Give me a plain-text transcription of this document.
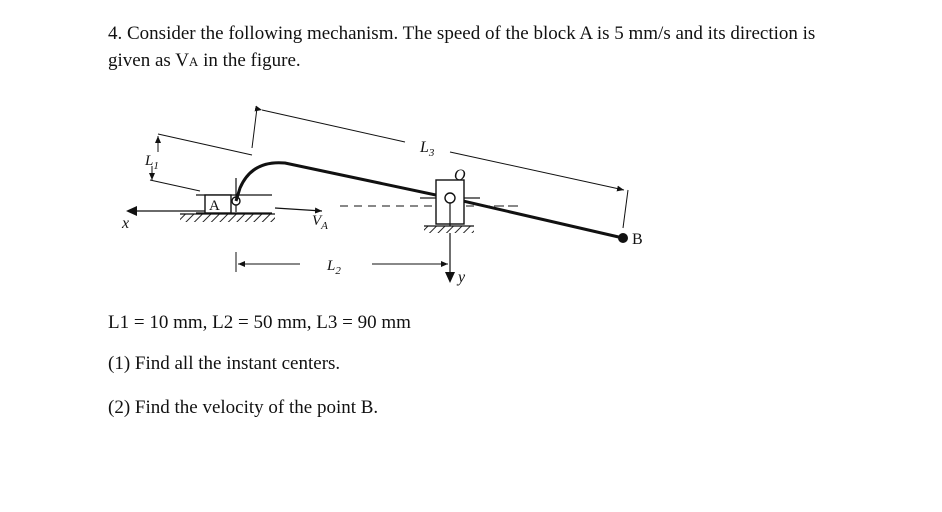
4. Consider the following mechanism. The speed of the block A is 5 mm/s and its direction is

given as VA in the figure.

x
A
$V_A$
O
B
$L_3$
$L_1$
$L_2$	y
L1 = 10 mm, L2 = 50 mm, L3 = 90 mm
(1) Find all the instant centers.
(2) Find the velocity of the point B.
